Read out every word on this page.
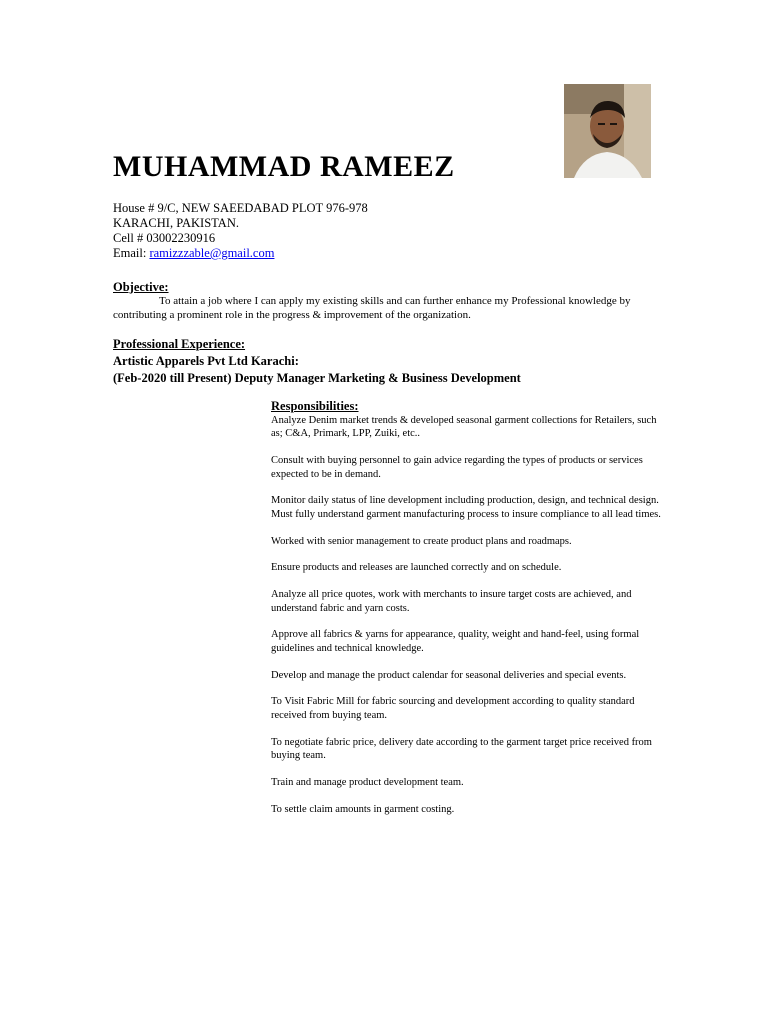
MUHAMMAD RAMEEZ
House # 9/C, NEW SAEEDABAD PLOT 976-978
KARACHI, PAKISTAN.
Cell # 03002230916
Email: ramizzzable@gmail.com
Objective:
To attain a job where I can apply my existing skills and can further enhance my Professional knowledge by contributing a prominent role in the progress & improvement of the organization.
Professional Experience:
Artistic Apparels Pvt Ltd Karachi:
(Feb-2020 till Present) Deputy Manager Marketing & Business Development
Responsibilities:

Analyze Denim market trends & developed seasonal garment collections for Retailers, such as; C&A, Primark, LPP, Zuiki, etc..

Consult with buying personnel to gain advice regarding the types of products or services expected to be in demand.

Monitor daily status of line development including production, design, and technical design. Must fully understand garment manufacturing process to insure compliance to all lead times.

Worked with senior management to create product plans and roadmaps.

Ensure products and releases are launched correctly and on schedule.

Analyze all price quotes, work with merchants to insure target costs are achieved, and understand fabric and yarn costs.

Approve all fabrics & yarns for appearance, quality, weight and hand-feel, using formal guidelines and technical knowledge.

Develop and manage the product calendar for seasonal deliveries and special events.

To Visit Fabric Mill for fabric sourcing and development according to quality standard received from buying team.

To negotiate fabric price, delivery date according to the garment target price received from buying team.

Train and manage product development team.

To settle claim amounts in garment costing.
